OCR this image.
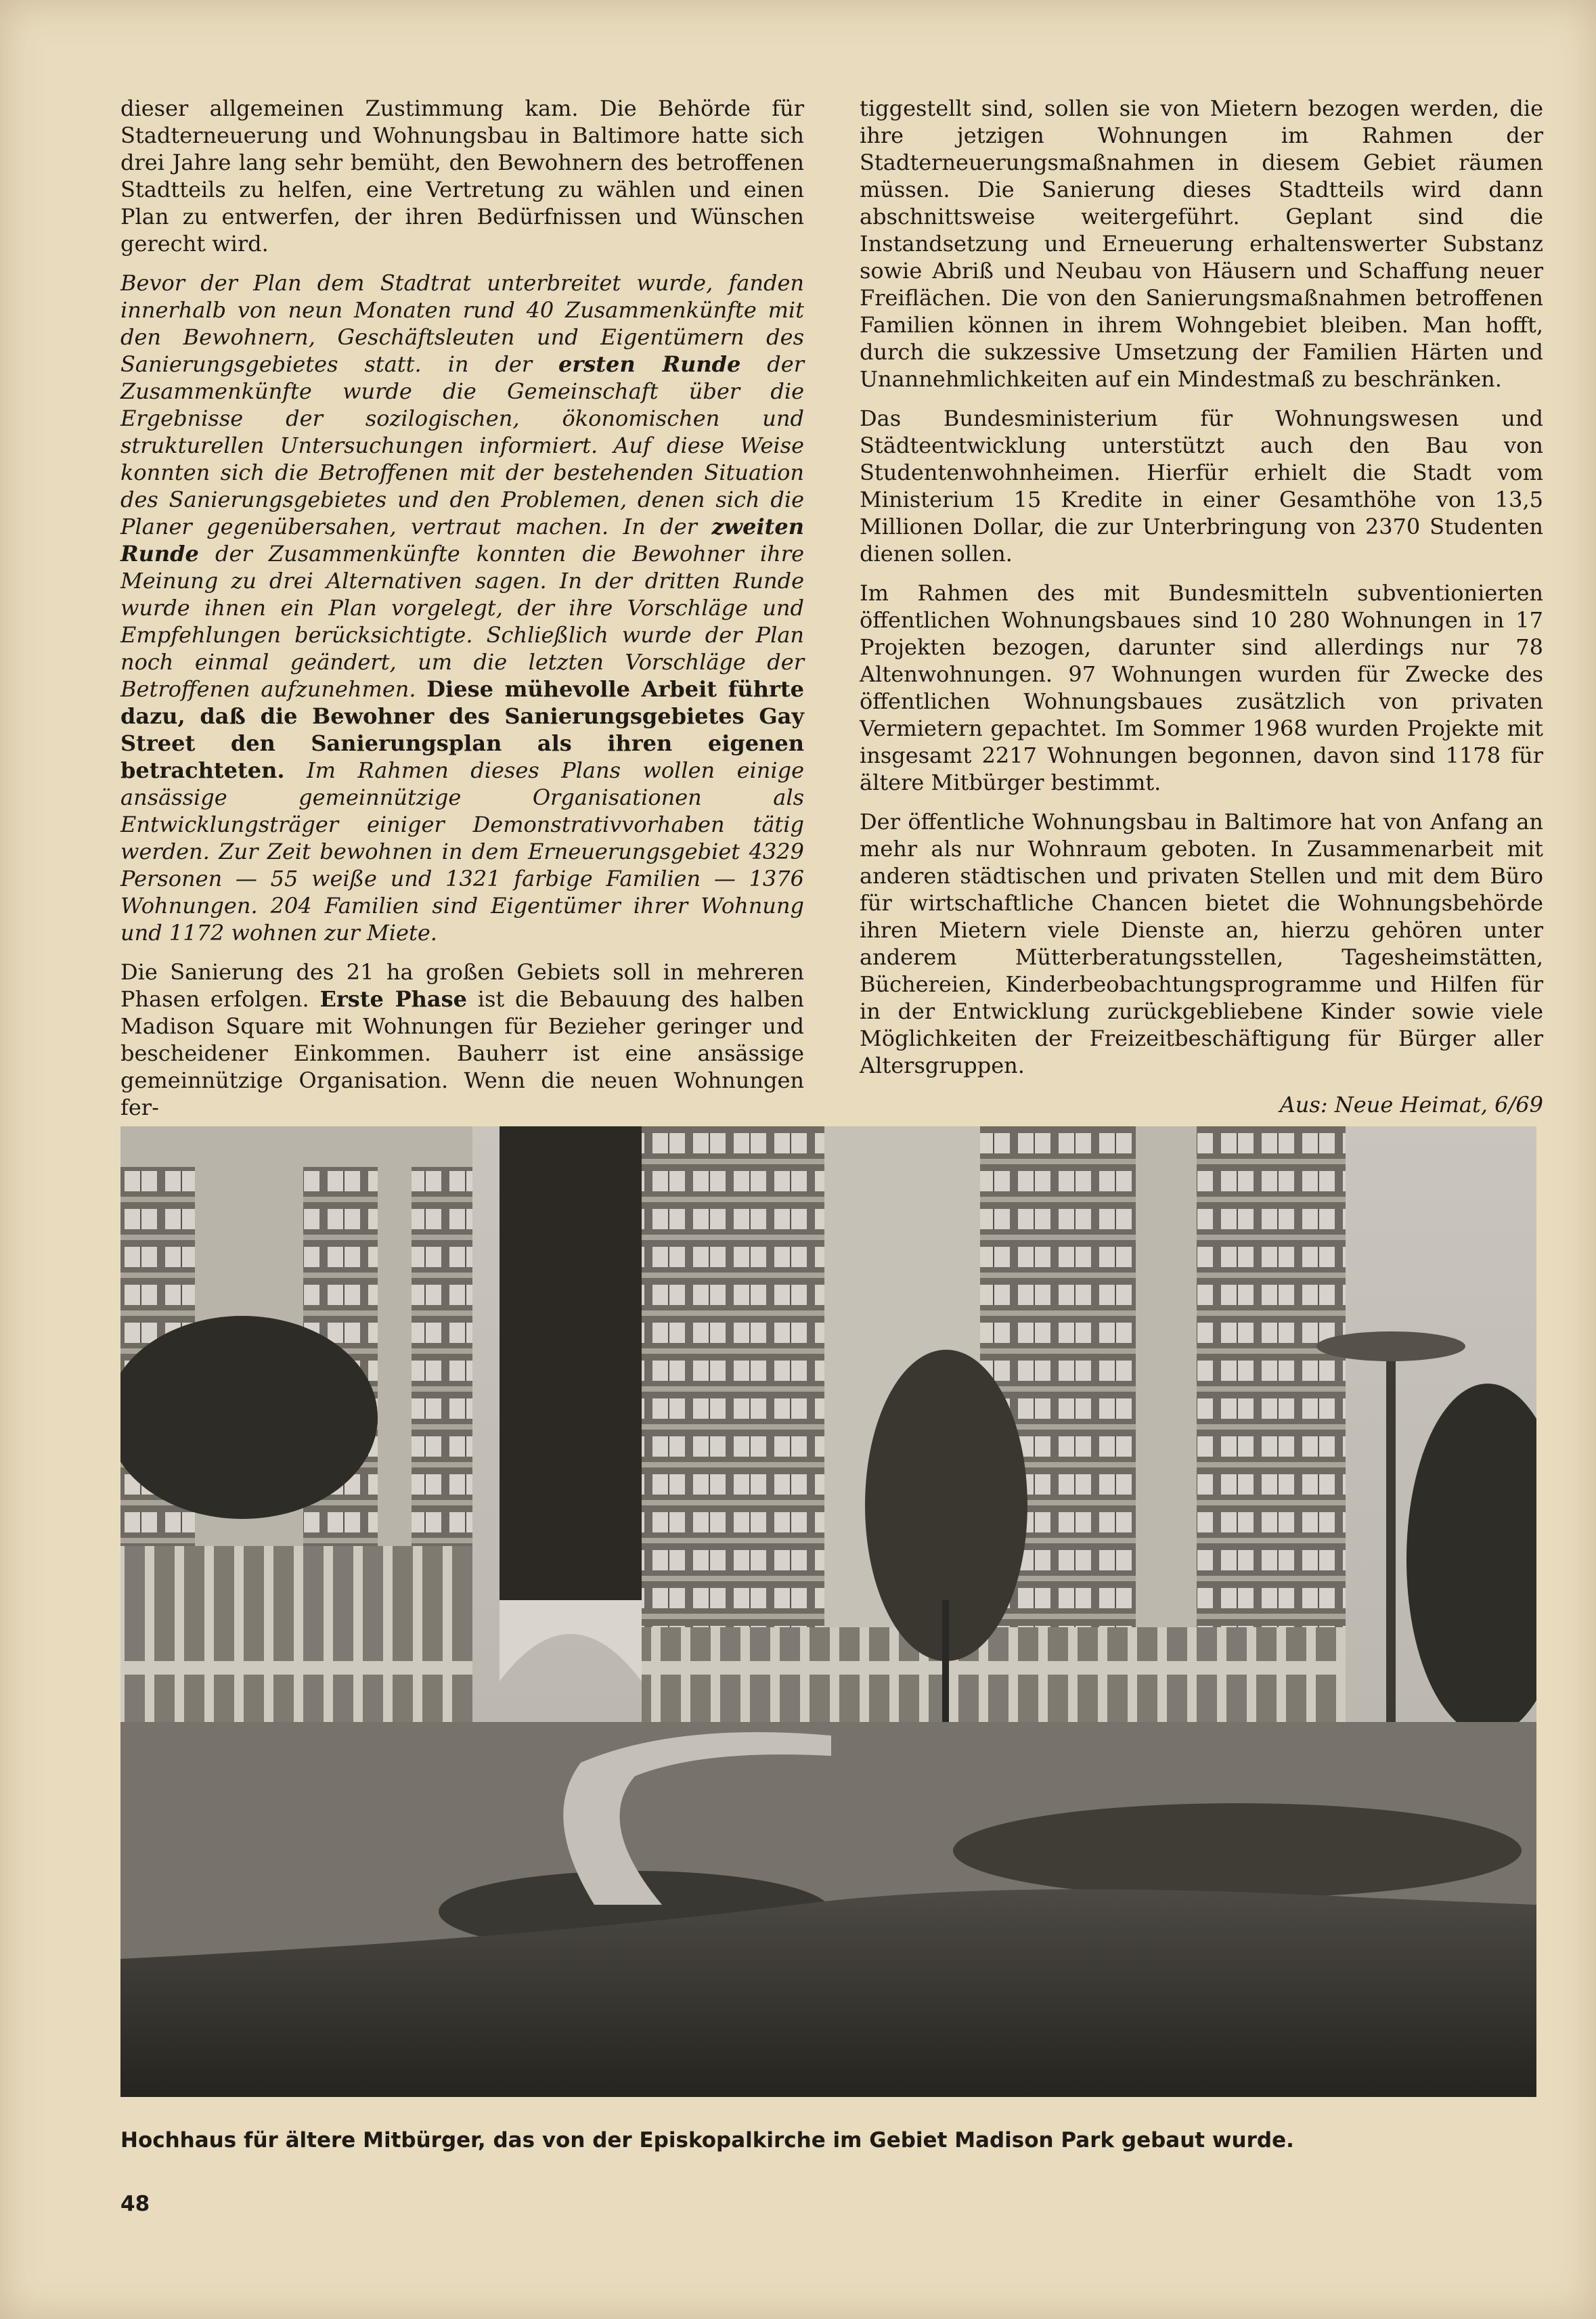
dieser allgemeinen Zustimmung kam. Die Behörde für Stadterneuerung und Wohnungsbau in Baltimore hatte sich drei Jahre lang sehr bemüht, den Bewohnern des betroffenen Stadtteils zu helfen, eine Vertretung zu wählen und einen Plan zu entwerfen, der ihren Bedürfnissen und Wünschen gerecht wird.

Bevor der Plan dem Stadtrat unterbreitet wurde, fanden innerhalb von neun Monaten rund 40 Zusammenkünfte mit den Bewohnern, Geschäftsleuten und Eigentümern des Sanierungsgebietes statt. in der ersten Runde der Zusammenkünfte wurde die Gemeinschaft über die Ergebnisse der sozilogischen, ökonomischen und strukturellen Untersuchungen informiert. Auf diese Weise konnten sich die Betroffenen mit der bestehenden Situation des Sanierungsgebietes und den Problemen, denen sich die Planer gegenübersahen, vertraut machen. In der zweiten Runde der Zusammenkünfte konnten die Bewohner ihre Meinung zu drei Alternativen sagen. In der dritten Runde wurde ihnen ein Plan vorgelegt, der ihre Vorschläge und Empfehlungen berücksichtigte. Schließlich wurde der Plan noch einmal geändert, um die letzten Vorschläge der Betroffenen aufzunehmen. Diese mühevolle Arbeit führte dazu, daß die Bewohner des Sanierungsgebietes Gay Street den Sanierungsplan als ihren eigenen betrachteten. Im Rahmen dieses Plans wollen einige ansässige gemeinnützige Organisationen als Entwicklungsträger einiger Demonstrativvorhaben tätig werden. Zur Zeit bewohnen in dem Erneuerungsgebiet 4329 Personen — 55 weiße und 1321 farbige Familien — 1376 Wohnungen. 204 Familien sind Eigentümer ihrer Wohnung und 1172 wohnen zur Miete.

Die Sanierung des 21 ha großen Gebiets soll in mehreren Phasen erfolgen. Erste Phase ist die Bebauung des halben Madison Square mit Wohnungen für Bezieher geringer und bescheidener Einkommen. Bauherr ist eine ansässige gemeinnützige Organisation. Wenn die neuen Wohnungen fer-

tiggestellt sind, sollen sie von Mietern bezogen werden, die ihre jetzigen Wohnungen im Rahmen der Stadterneuerungsmaßnahmen in diesem Gebiet räumen müssen. Die Sanierung dieses Stadtteils wird dann abschnittsweise weitergeführt. Geplant sind die Instandsetzung und Erneuerung erhaltenswerter Substanz sowie Abriß und Neubau von Häusern und Schaffung neuer Freiflächen. Die von den Sanierungsmaßnahmen betroffenen Familien können in ihrem Wohngebiet bleiben. Man hofft, durch die sukzessive Umsetzung der Familien Härten und Unannehmlichkeiten auf ein Mindestmaß zu beschränken.

Das Bundesministerium für Wohnungswesen und Städteentwicklung unterstützt auch den Bau von Studentenwohnheimen. Hierfür erhielt die Stadt vom Ministerium 15 Kredite in einer Gesamthöhe von 13,5 Millionen Dollar, die zur Unterbringung von 2370 Studenten dienen sollen.

Im Rahmen des mit Bundesmitteln subventionierten öffentlichen Wohnungsbaues sind 10 280 Wohnungen in 17 Projekten bezogen, darunter sind allerdings nur 78 Altenwohnungen. 97 Wohnungen wurden für Zwecke des öffentlichen Wohnungsbaues zusätzlich von privaten Vermietern gepachtet. Im Sommer 1968 wurden Projekte mit insgesamt 2217 Wohnungen begonnen, davon sind 1178 für ältere Mitbürger bestimmt.

Der öffentliche Wohnungsbau in Baltimore hat von Anfang an mehr als nur Wohnraum geboten. In Zusammenarbeit mit anderen städtischen und privaten Stellen und mit dem Büro für wirtschaftliche Chancen bietet die Wohnungsbehörde ihren Mietern viele Dienste an, hierzu gehören unter anderem Mütterberatungsstellen, Tagesheimstätten, Büchereien, Kinderbeobachtungsprogramme und Hilfen für in der Entwicklung zurückgebliebene Kinder sowie viele Möglichkeiten der Freizeitbeschäftigung für Bürger aller Altersgruppen.

Aus: Neue Heimat, 6/69

Hochhaus für ältere Mitbürger, das von der Episkopalkirche im Gebiet Madison Park gebaut wurde.
48
